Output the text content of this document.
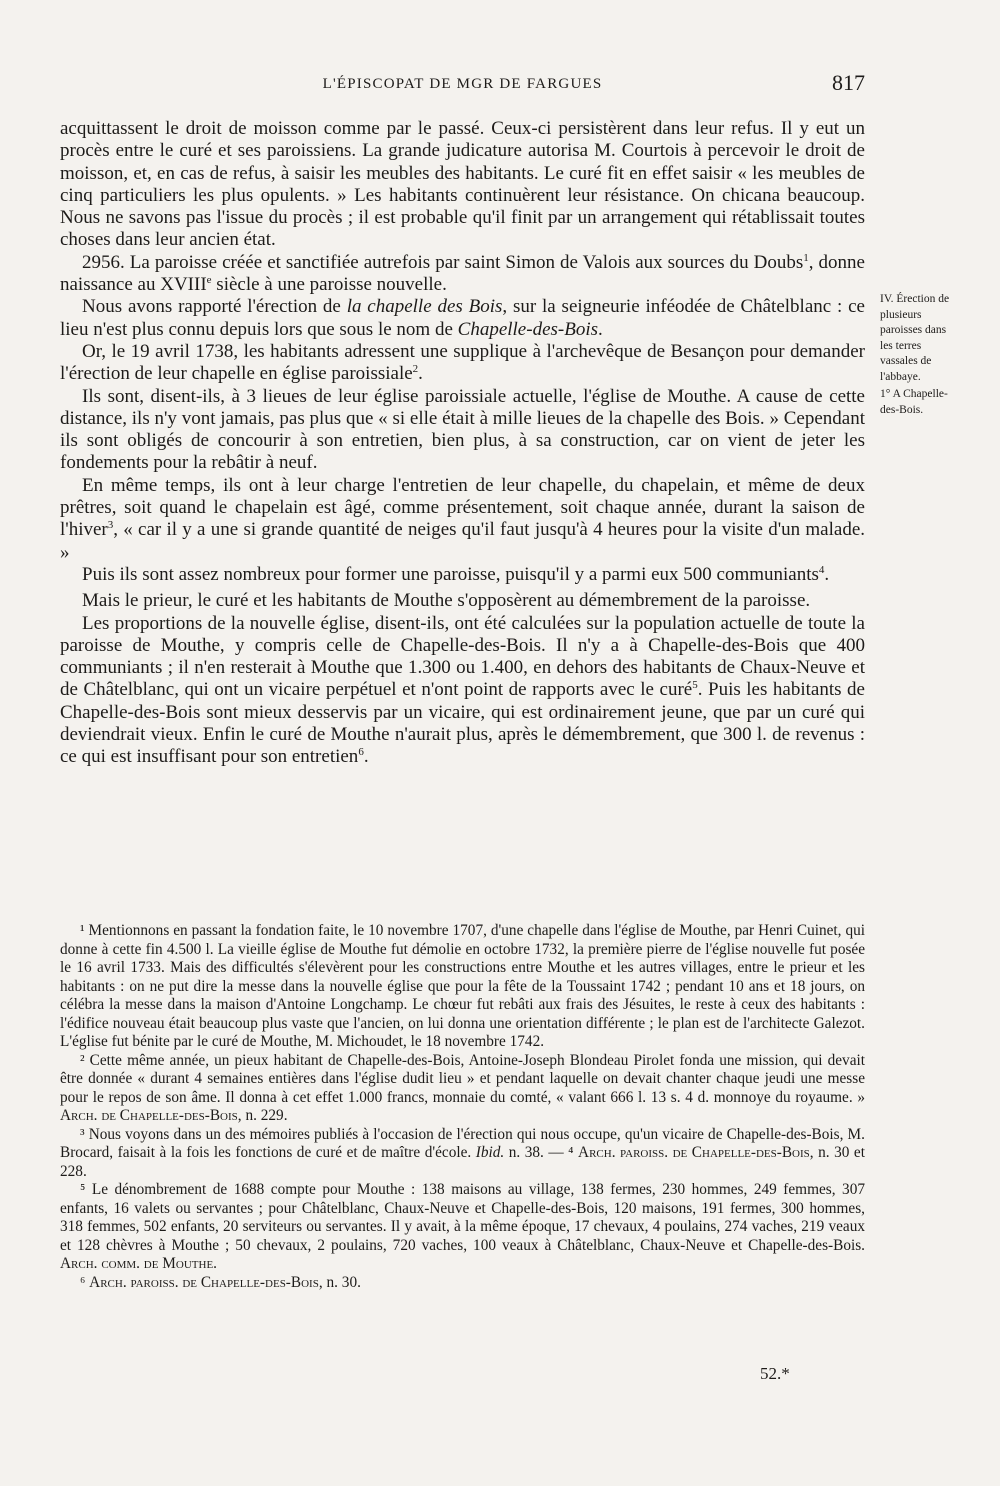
L'ÉPISCOPAT DE MGR DE FARGUES	817

acquittassent le droit de moisson comme par le passé. Ceux-ci persistèrent dans leur refus. Il y eut un procès entre le curé et ses paroissiens. La grande judicature autorisa M. Courtois à percevoir le droit de moisson, et, en cas de refus, à saisir les meubles des habitants. Le curé fit en effet saisir « les meubles de cinq particuliers les plus opulents. » Les habitants continuèrent leur résistance. On chicana beaucoup. Nous ne savons pas l'issue du procès ; il est probable qu'il finit par un arrangement qui rétablissait toutes choses dans leur ancien état.

2956. La paroisse créée et sanctifiée autrefois par saint Simon de Valois aux sources du Doubs$^1$, donne naissance au XVIIIe siècle à une paroisse nouvelle.

Nous avons rapporté l'érection de la chapelle des Bois, sur la seigneurie inféodée de Châtelblanc : ce lieu n'est plus connu depuis lors que sous le nom de Chapelle-des-Bois.

Or, le 19 avril 1738, les habitants adressent une supplique à l'archevêque de Besançon pour demander l'érection de leur chapelle en église paroissiale$^2$.

Ils sont, disent-ils, à 3 lieues de leur église paroissiale actuelle, l'église de Mouthe. A cause de cette distance, ils n'y vont jamais, pas plus que « si elle était à mille lieues de la chapelle des Bois. » Cependant ils sont obligés de concourir à son entretien, bien plus, à sa construction, car on vient de jeter les fondements pour la rebâtir à neuf.

En même temps, ils ont à leur charge l'entretien de leur chapelle, du chapelain, et même de deux prêtres, soit quand le chapelain est âgé, comme présentement, soit chaque année, durant la saison de l'hiver$^3$, « car il y a une si grande quantité de neiges qu'il faut jusqu'à 4 heures pour la visite d'un malade. »

Puis ils sont assez nombreux pour former une paroisse, puisqu'il y a parmi eux 500 communiants$^4$.

Mais le prieur, le curé et les habitants de Mouthe s'opposèrent au démembrement de la paroisse.

Les proportions de la nouvelle église, disent-ils, ont été calculées sur la population actuelle de toute la paroisse de Mouthe, y compris celle de Chapelle-des-Bois. Il n'y a à Chapelle-des-Bois que 400 communiants ; il n'en resterait à Mouthe que 1.300 ou 1.400, en dehors des habitants de Chaux-Neuve et de Châtelblanc, qui ont un vicaire perpétuel et n'ont point de rapports avec le curé$^5$. Puis les habitants de Chapelle-des-Bois sont mieux desservis par un vicaire, qui est ordinairement jeune, que par un curé qui deviendrait vieux. Enfin le curé de Mouthe n'aurait plus, après le démembrement, que 300 l. de revenus : ce qui est insuffisant pour son entretien$^6$.

IV. Érection de plusieurs paroisses dans les terres vassales de l'abbaye.

1° A Chapelle-des-Bois.

¹ Mentionnons en passant la fondation faite, le 10 novembre 1707, d'une chapelle dans l'église de Mouthe, par Henri Cuinet, qui donne à cette fin 4.500 l. La vieille église de Mouthe fut démolie en octobre 1732, la première pierre de l'église nouvelle fut posée le 16 avril 1733. Mais des difficultés s'élevèrent pour les constructions entre Mouthe et les autres villages, entre le prieur et les habitants : on ne put dire la messe dans la nouvelle église que pour la fête de la Toussaint 1742 ; pendant 10 ans et 18 jours, on célébra la messe dans la maison d'Antoine Longchamp. Le chœur fut rebâti aux frais des Jésuites, le reste à ceux des habitants : l'édifice nouveau était beaucoup plus vaste que l'ancien, on lui donna une orientation différente ; le plan est de l'architecte Galezot. L'église fut bénite par le curé de Mouthe, M. Michoudet, le 18 novembre 1742.

² Cette même année, un pieux habitant de Chapelle-des-Bois, Antoine-Joseph Blondeau Pirolet fonda une mission, qui devait être donnée « durant 4 semaines entières dans l'église dudit lieu » et pendant laquelle on devait chanter chaque jeudi une messe pour le repos de son âme. Il donna à cet effet 1.000 francs, monnaie du comté, « valant 666 l. 13 s. 4 d. monnoye du royaume. » Arch. de Chapelle-des-Bois, n. 229.

³ Nous voyons dans un des mémoires publiés à l'occasion de l'érection qui nous occupe, qu'un vicaire de Chapelle-des-Bois, M. Brocard, faisait à la fois les fonctions de curé et de maître d'école. Ibid. n. 38. — ⁴ Arch. paroiss. de Chapelle-des-Bois, n. 30 et 228.

⁵ Le dénombrement de 1688 compte pour Mouthe : 138 maisons au village, 138 fermes, 230 hommes, 249 femmes, 307 enfants, 16 valets ou servantes ; pour Châtelblanc, Chaux-Neuve et Chapelle-des-Bois, 120 maisons, 191 fermes, 300 hommes, 318 femmes, 502 enfants, 20 serviteurs ou servantes. Il y avait, à la même époque, 17 chevaux, 4 poulains, 274 vaches, 219 veaux et 128 chèvres à Mouthe ; 50 chevaux, 2 poulains, 720 vaches, 100 veaux à Châtelblanc, Chaux-Neuve et Chapelle-des-Bois. Arch. comm. de Mouthe.

⁶ Arch. paroiss. de Chapelle-des-Bois, n. 30.

52.*
